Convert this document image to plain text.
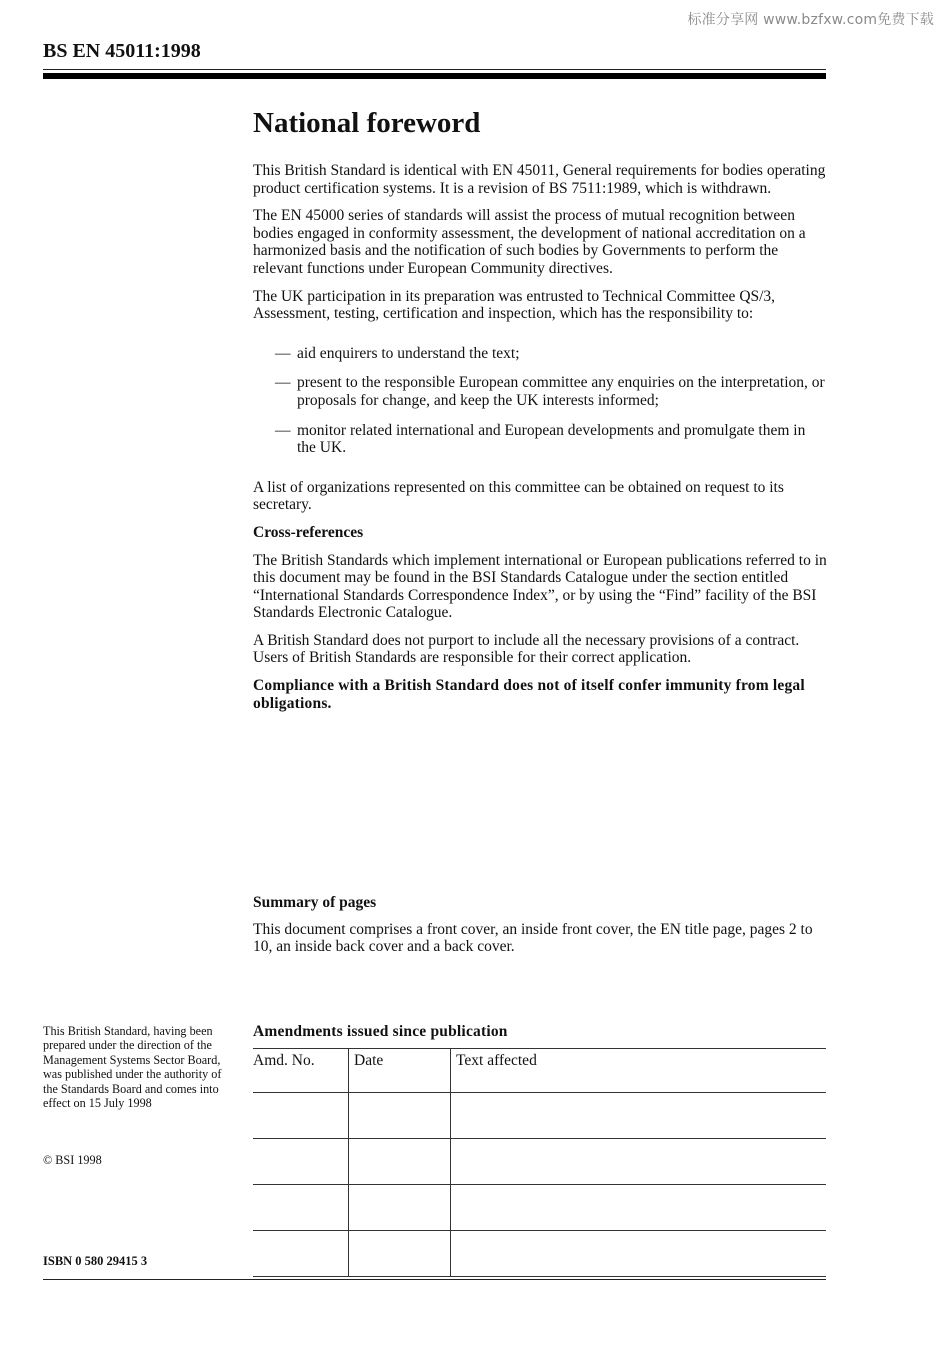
标准分享网 www.bzfxw.com免费下载
BS EN 45011:1998
National foreword

This British Standard is identical with EN 45011, General requirements for bodies operating product certification systems. It is a revision of BS 7511:1989, which is withdrawn.

The EN 45000 series of standards will assist the process of mutual recognition between bodies engaged in conformity assessment, the development of national accreditation on a harmonized basis and the notification of such bodies by Governments to perform the relevant functions under European Community directives.

The UK participation in its preparation was entrusted to Technical Committee QS/3, Assessment, testing, certification and inspection, which has the responsibility to:

— aid enquirers to understand the text;
— present to the responsible European committee any enquiries on the interpretation, or proposals for change, and keep the UK interests informed;
— monitor related international and European developments and promulgate them in the UK.

A list of organizations represented on this committee can be obtained on request to its secretary.

Cross-references

The British Standards which implement international or European publications referred to in this document may be found in the BSI Standards Catalogue under the section entitled “International Standards Correspondence Index”, or by using the “Find” facility of the BSI Standards Electronic Catalogue.

A British Standard does not purport to include all the necessary provisions of a contract. Users of British Standards are responsible for their correct application.

Compliance with a British Standard does not of itself confer immunity from legal obligations.

Summary of pages

This document comprises a front cover, an inside front cover, the EN title page, pages 2 to 10, an inside back cover and a back cover.

This British Standard, having been prepared under the direction of the Management Systems Sector Board, was published under the authority of the Standards Board and comes into effect on 15 July 1998
© BSI 1998
ISBN 0 580 29415 3
Amendments issued since publication
Amd. No.	Date	Text affected
